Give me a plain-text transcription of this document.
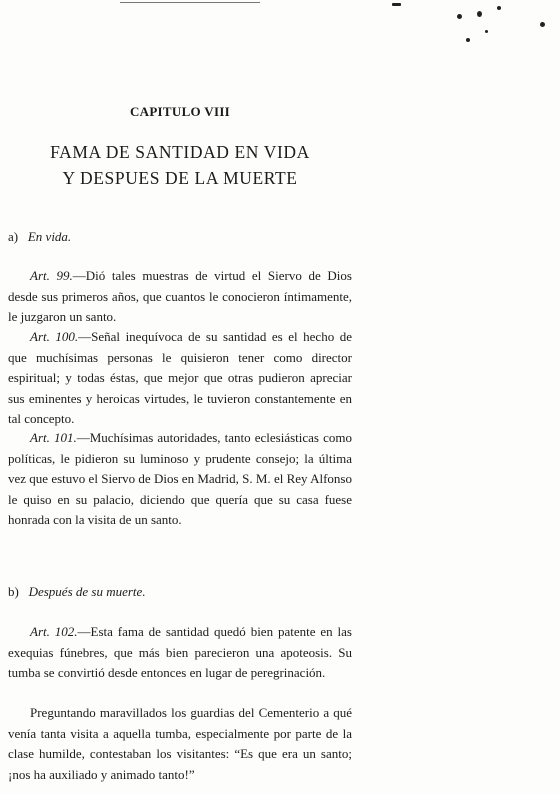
CAPITULO VIII
FAMA DE SANTIDAD EN VIDA
Y DESPUES DE LA MUERTE
a) En vida.

Art. 99.—Dió tales muestras de virtud el Siervo de Dios desde sus primeros años, que cuantos le conocieron íntimamente, le juzgaron un santo.

Art. 100.—Señal inequívoca de su santidad es el hecho de que muchísimas personas le quisieron tener como director espiritual; y todas éstas, que mejor que otras pudieron apreciar sus eminentes y heroicas virtudes, le tuvieron constantemente en tal concepto.

Art. 101.—Muchísimas autoridades, tanto eclesiásticas como políticas, le pidieron su luminoso y prudente consejo; la última vez que estuvo el Siervo de Dios en Madrid, S. M. el Rey Alfonso le quiso en su palacio, diciendo que quería que su casa fuese honrada con la visita de un santo.

b) Después de su muerte.

Art. 102.—Esta fama de santidad quedó bien patente en las exequias fúnebres, que más bien parecieron una apoteosis. Su tumba se convirtió desde entonces en lugar de peregrinación.

Preguntando maravillados los guardias del Cementerio a qué venía tanta visita a aquella tumba, especialmente por parte de la clase humilde, contestaban los visitantes: “Es que era un santo; ¡nos ha auxiliado y animado tanto!”
